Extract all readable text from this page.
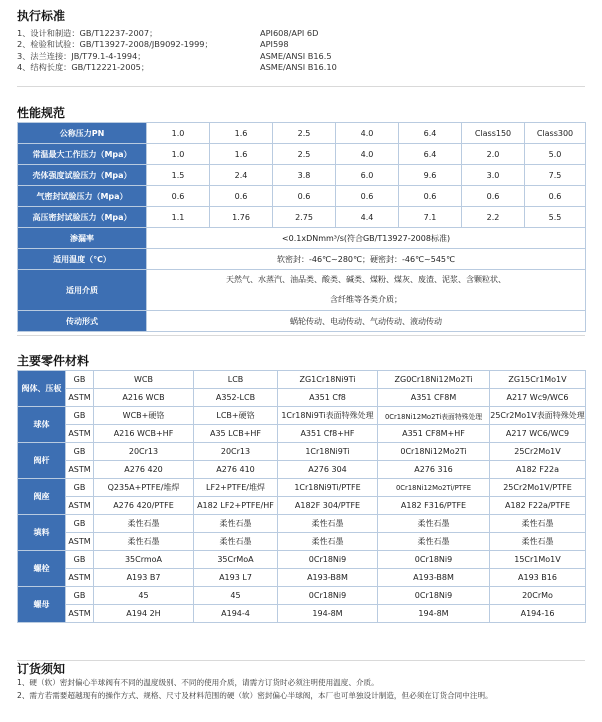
执行标准
1、设计和制造：GB/T12237-2007；	API608/API 6D
2、检验和试验：GB/T13927-2008/JB9092-1999；	API598
3、法兰连接：JB/T79.1-4-1994；	ASME/ANSI B16.5
4、结构长度：GB/T12221-2005；	ASME/ANSI B16.10
性能规范
公称压力PN	1.0	1.6	2.5	4.0	6.4	Class150	Class300
常温最大工作压力（Mpa）	1.0	1.6	2.5	4.0	6.4	2.0	5.0
壳体强度试验压力（Mpa）	1.5	2.4	3.8	6.0	9.6	3.0	7.5
气密封试验压力（Mpa）	0.6	0.6	0.6	0.6	0.6	0.6	0.6
高压密封试验压力（Mpa）	1.1	1.76	2.75	4.4	7.1	2.2	5.5
渗漏率	<0.1xDNmm³/s(符合GB/T13927-2008标准)						
适用温度（℃）	软密封：-46℃~280℃；硬密封：-46℃~545℃						
适用介质	天然气、水蒸汽、油品类、酸类、碱类、煤粉、煤灰、废渣、泥浆、含颗粒状、
含纤维等各类介质；						

传动形式	蜗轮传动、电动传动、气动传动、液动传动						
主要零件材料
阀体、压板	GB	WCB	LCB	ZG1Cr18Ni9Ti	ZG0Cr18Ni12Mo2Ti	ZG15Cr1Mo1V
	ASTM	A216 WCB	A352-LCB	A351 Cf8	A351 CF8M	A217 Wc9/WC6
球体	GB	WCB+硬铬	LCB+硬铬	1Cr18Ni9Ti表面特殊处理	0Cr18Ni12Mo2Ti表面特殊处理	25Cr2Mo1V表面特殊处理
	ASTM	A216 WCB+HF	A35 LCB+HF	A351 Cf8+HF	A351 CF8M+HF	A217 WC6/WC9
阀杆	GB	20Cr13	20Cr13	1Cr18Ni9Ti	0Cr18Ni12Mo2Ti	25Cr2Mo1V
	ASTM	A276 420	A276 410	A276 304	A276 316	A182 F22a
阀座	GB	Q235A+PTFE/堆焊	LF2+PTFE/堆焊	1Cr18Ni9Ti/PTFE	0Cr18Ni12Mo2Ti/PTFE	25Cr2Mo1V/PTFE
	ASTM	A276 420/PTFE	A182 LF2+PTFE/HF	A182F 304/PTFE	A182 F316/PTFE	A182 F22a/PTFE
填料	GB	柔性石墨	柔性石墨	柔性石墨	柔性石墨	柔性石墨
	ASTM	柔性石墨	柔性石墨	柔性石墨	柔性石墨	柔性石墨
螺栓	GB	35CrmoA	35CrMoA	0Cr18Ni9	0Cr18Ni9	15Cr1Mo1V
	ASTM	A193 B7	A193 L7	A193-B8M	A193-B8M	A193 B16
螺母	GB	45	45	0Cr18Ni9	0Cr18Ni9	20CrMo
	ASTM	A194 2H	A194-4	194-8M	194-8M	A194-16
订货须知
1、硬（软）密封偏心半球阀有不同的温度级别、不同的使用介质，请需方订货时必须注明使用温度、介质。
2、需方若需要超越现有的操作方式、规格、尺寸及材料范围的硬（软）密封偏心半球阀，本厂也可单独设计制造，但必须在订货合同中注明。
